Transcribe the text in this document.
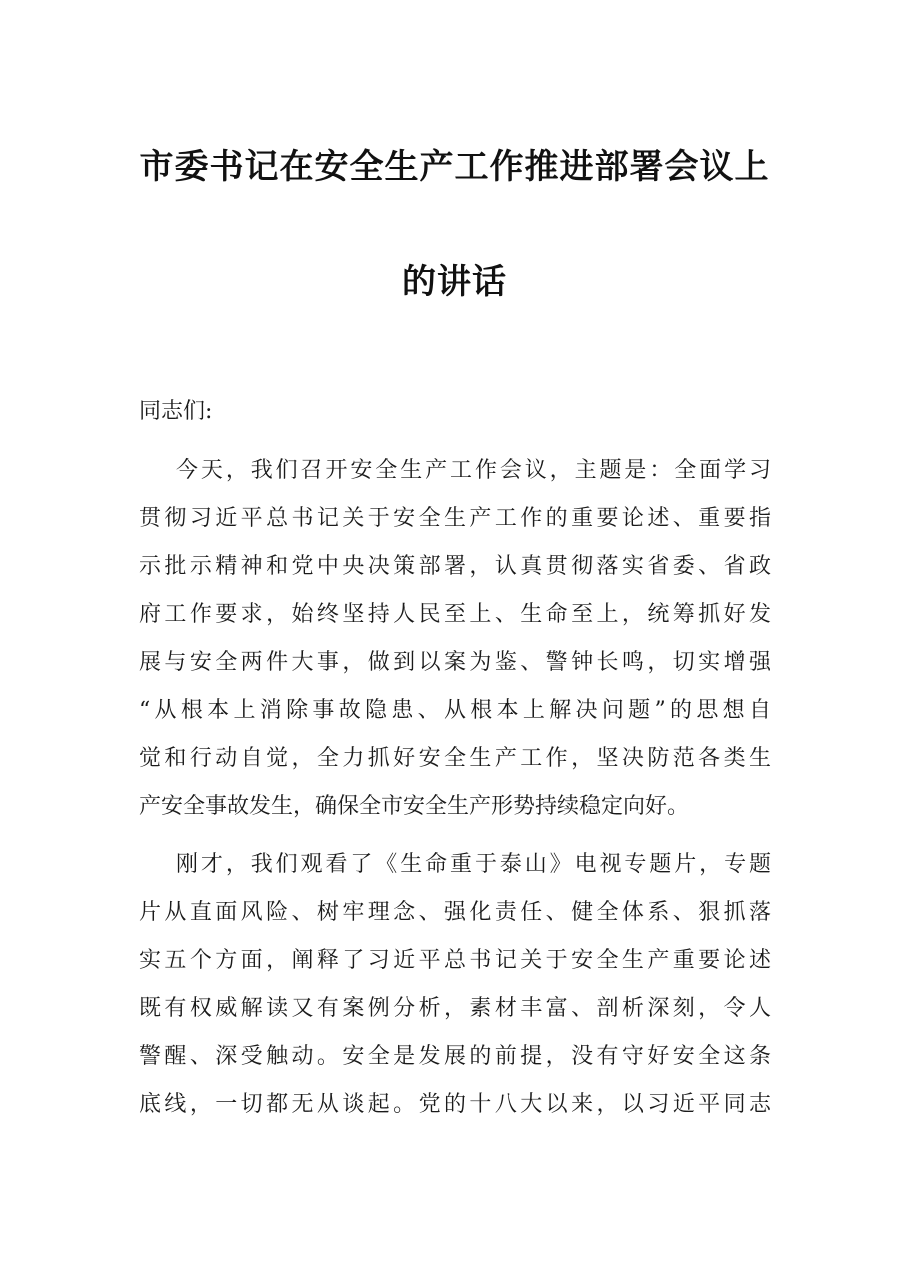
市委书记在安全生产工作推进部署会议上
的讲话
同志们:
今天，我们召开安全生产工作会议，主题是：全面学习
贯彻习近平总书记关于安全生产工作的重要论述、重要指
示批示精神和党中央决策部署，认真贯彻落实省委、省政
府工作要求，始终坚持人民至上、生命至上，统筹抓好发
展与安全两件大事，做到以案为鉴、警钟长鸣，切实增强
“从根本上消除事故隐患、从根本上解决问题”的思想自
觉和行动自觉，全力抓好安全生产工作，坚决防范各类生
产安全事故发生，确保全市安全生产形势持续稳定向好。
刚才，我们观看了《生命重于泰山》电视专题片，专题
片从直面风险、树牢理念、强化责任、健全体系、狠抓落
实五个方面，阐释了习近平总书记关于安全生产重要论述
既有权威解读又有案例分析，素材丰富、剖析深刻，令人
警醒、深受触动。安全是发展的前提，没有守好安全这条
底线，一切都无从谈起。党的十八大以来，以习近平同志
